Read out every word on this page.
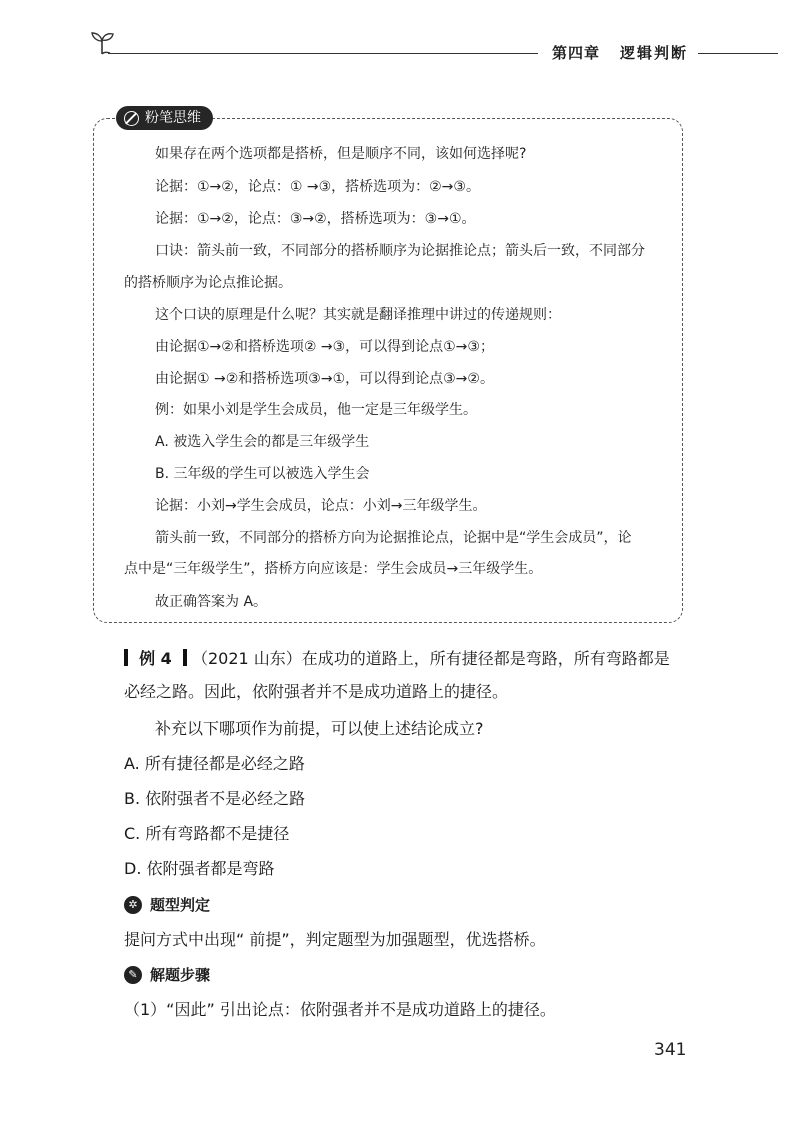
第四章 逻辑判断
粉笔思维
如果存在两个选项都是搭桥，但是顺序不同，该如何选择呢?
论据：①→②，论点：① →③，搭桥选项为：②→③。
论据：①→②，论点：③→②，搭桥选项为：③→①。
口诀：箭头前一致，不同部分的搭桥顺序为论据推论点；箭头后一致，不同部分
的搭桥顺序为论点推论据。
这个口诀的原理是什么呢？其实就是翻译推理中讲过的传递规则：
由论据①→②和搭桥选项② →③，可以得到论点①→③；
由论据① →②和搭桥选项③→①，可以得到论点③→②。
例：如果小刘是学生会成员，他一定是三年级学生。
A. 被选入学生会的都是三年级学生
B. 三年级的学生可以被选入学生会
论据：小刘→学生会成员，论点：小刘→三年级学生。
箭头前一致，不同部分的搭桥方向为论据推论点，论据中是“学生会成员”，论
点中是“三年级学生”，搭桥方向应该是：学生会成员→三年级学生。
故正确答案为 A。
例 4 （2021 山东）在成功的道路上，所有捷径都是弯路，所有弯路都是
必经之路。因此，依附强者并不是成功道路上的捷径。
补充以下哪项作为前提，可以使上述结论成立?
A. 所有捷径都是必经之路
B. 依附强者不是必经之路
C. 所有弯路都不是捷径
D. 依附强者都是弯路
✲ 题型判定
提问方式中出现“ 前提”，判定题型为加强题型，优选搭桥。
✎ 解题步骤
（1）“因此” 引出论点：依附强者并不是成功道路上的捷径。
341
